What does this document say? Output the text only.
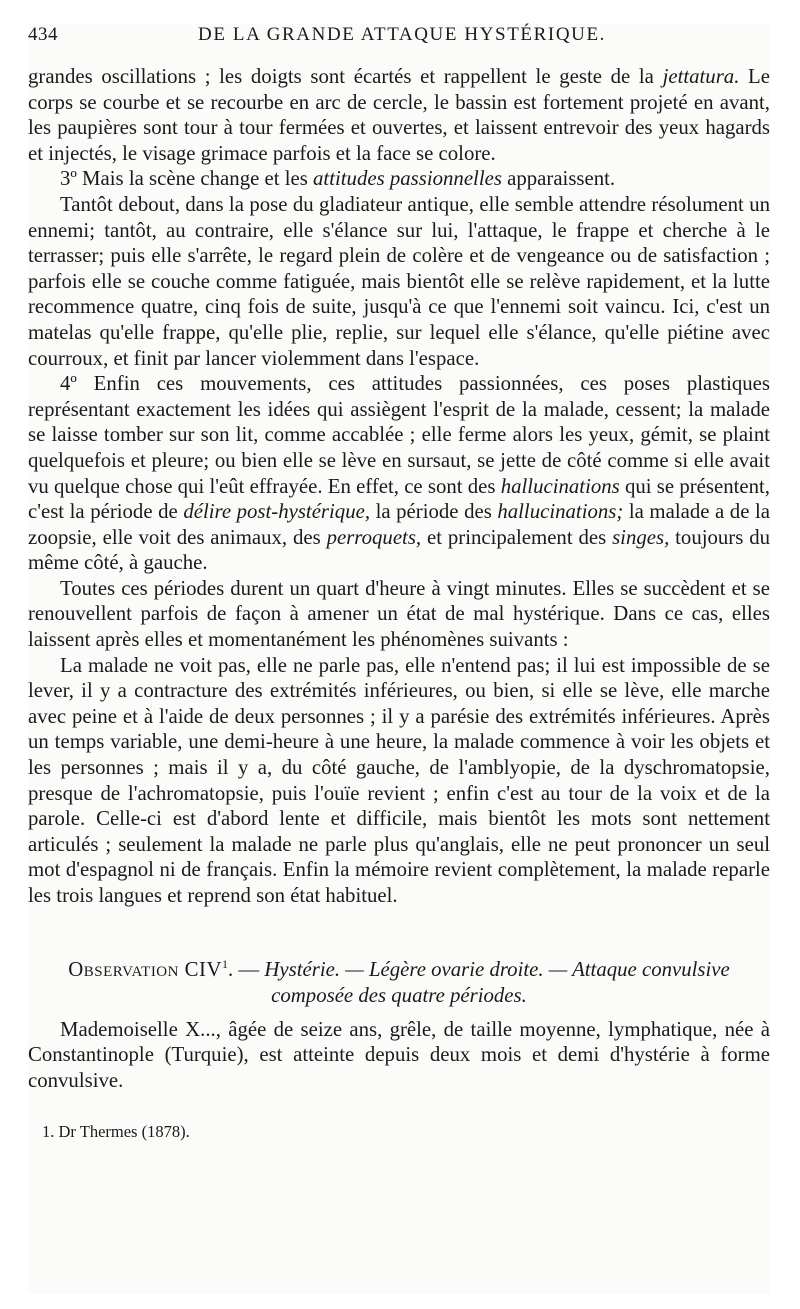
434	DE LA GRANDE ATTAQUE HYSTÉRIQUE.

grandes oscillations ; les doigts sont écartés et rappellent le geste de la jettatura. Le corps se courbe et se recourbe en arc de cercle, le bassin est fortement projeté en avant, les paupières sont tour à tour fermées et ouvertes, et laissent entrevoir des yeux hagards et injectés, le visage grimace parfois et la face se colore.

3º Mais la scène change et les attitudes passionnelles apparaissent.

Tantôt debout, dans la pose du gladiateur antique, elle semble attendre résolument un ennemi; tantôt, au contraire, elle s'élance sur lui, l'attaque, le frappe et cherche à le terrasser; puis elle s'arrête, le regard plein de colère et de vengeance ou de satisfaction ; parfois elle se couche comme fatiguée, mais bientôt elle se relève rapidement, et la lutte recommence quatre, cinq fois de suite, jusqu'à ce que l'ennemi soit vaincu. Ici, c'est un matelas qu'elle frappe, qu'elle plie, replie, sur lequel elle s'élance, qu'elle piétine avec courroux, et finit par lancer violemment dans l'espace.

4º Enfin ces mouvements, ces attitudes passionnées, ces poses plastiques représentant exactement les idées qui assiègent l'esprit de la malade, cessent; la malade se laisse tomber sur son lit, comme accablée ; elle ferme alors les yeux, gémit, se plaint quelquefois et pleure; ou bien elle se lève en sursaut, se jette de côté comme si elle avait vu quelque chose qui l'eût effrayée. En effet, ce sont des hallucinations qui se présentent, c'est la période de délire post-hystérique, la période des hallucinations; la malade a de la zoopsie, elle voit des animaux, des perroquets, et principalement des singes, toujours du même côté, à gauche.

Toutes ces périodes durent un quart d'heure à vingt minutes. Elles se succèdent et se renouvellent parfois de façon à amener un état de mal hystérique. Dans ce cas, elles laissent après elles et momentanément les phénomènes suivants :

La malade ne voit pas, elle ne parle pas, elle n'entend pas; il lui est impossible de se lever, il y a contracture des extrémités inférieures, ou bien, si elle se lève, elle marche avec peine et à l'aide de deux personnes ; il y a parésie des extrémités inférieures. Après un temps variable, une demi-heure à une heure, la malade commence à voir les objets et les personnes ; mais il y a, du côté gauche, de l'amblyopie, de la dyschromatopsie, presque de l'achromatopsie, puis l'ouïe revient ; enfin c'est au tour de la voix et de la parole. Celle-ci est d'abord lente et difficile, mais bientôt les mots sont nettement articulés ; seulement la malade ne parle plus qu'anglais, elle ne peut prononcer un seul mot d'espagnol ni de français. Enfin la mémoire revient complètement, la malade reparle les trois langues et reprend son état habituel.

Observation CIV$^1$. — Hystérie. — Légère ovarie droite. — Attaque convulsive composée des quatre périodes.

Mademoiselle X..., âgée de seize ans, grêle, de taille moyenne, lymphatique, née à Constantinople (Turquie), est atteinte depuis deux mois et demi d'hystérie à forme convulsive.

1. Dr Thermes (1878).
